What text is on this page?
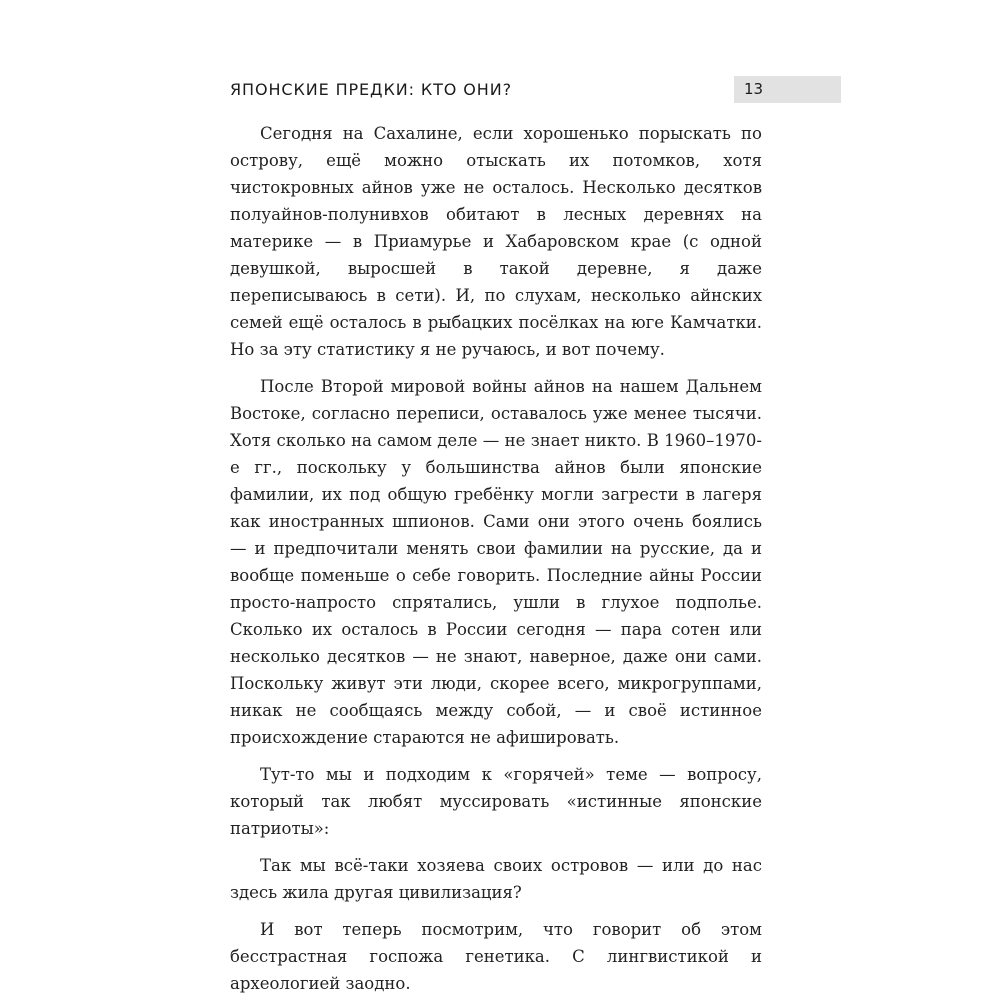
ЯПОНСКИЕ ПРЕДКИ: КТО ОНИ?	13

Сегодня на Сахалине, если хорошенько порыскать по острову, ещё можно отыскать их потомков, хотя чистокровных айнов уже не осталось. Несколько десятков полуайнов-полунивхов обитают в лесных деревнях на материке — в Приамурье и Хабаровском крае (с одной девушкой, выросшей в такой деревне, я даже переписываюсь в сети). И, по слухам, несколько айнских семей ещё осталось в рыбацких посёлках на юге Камчатки. Но за эту статистику я не ручаюсь, и вот почему.

После Второй мировой войны айнов на нашем Дальнем Востоке, согласно переписи, оставалось уже менее тысячи. Хотя сколько на самом деле — не знает никто. В 1960–1970-е гг., поскольку у большинства айнов были японские фамилии, их под общую гребёнку могли загрести в лагеря как иностранных шпионов. Сами они этого очень боялись — и предпочитали менять свои фамилии на русские, да и вообще поменьше о себе говорить. Последние айны России просто-напросто спрятались, ушли в глухое подполье. Сколько их осталось в России сегодня — пара сотен или несколько десятков — не знают, наверное, даже они сами. Поскольку живут эти люди, скорее всего, микрогруппами, никак не сообщаясь между собой, — и своё истинное происхождение стараются не афишировать.

Тут-то мы и подходим к «горячей» теме — вопросу, который так любят муссировать «истинные японские патриоты»:

Так мы всё-таки хозяева своих островов — или до нас здесь жила другая цивилизация?

И вот теперь посмотрим, что говорит об этом бесстрастная госпожа генетика. С лингвистикой и археологией заодно.
